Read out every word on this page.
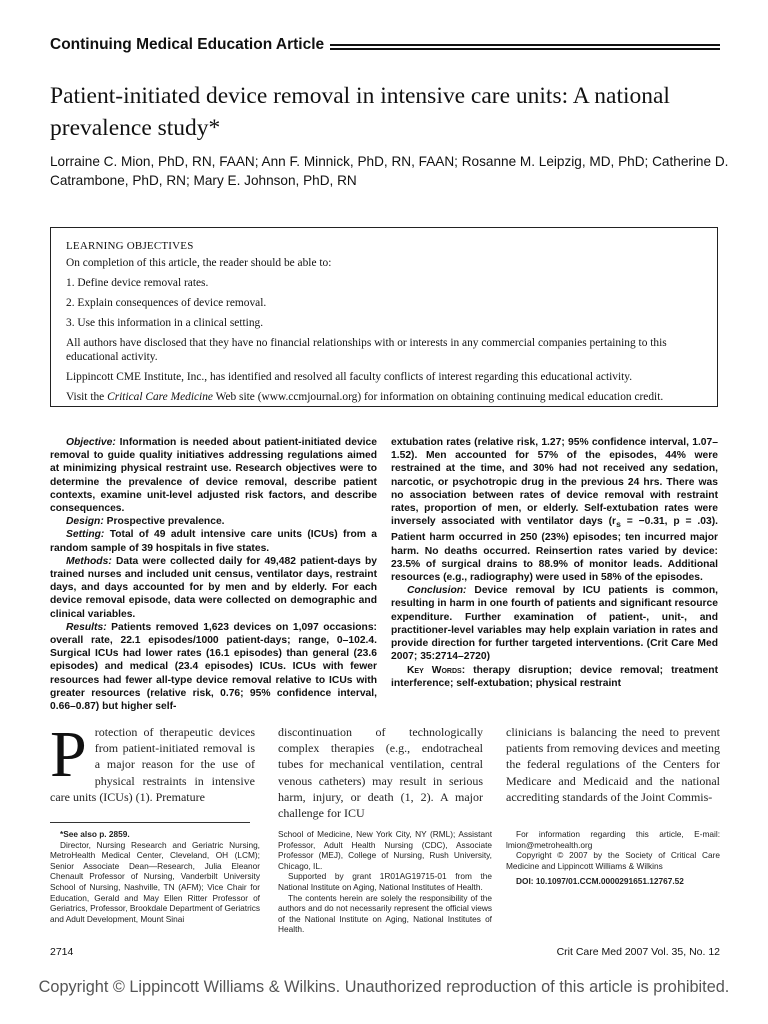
Continuing Medical Education Article
Patient-initiated device removal in intensive care units: A national prevalence study*

Lorraine C. Mion, PhD, RN, FAAN; Ann F. Minnick, PhD, RN, FAAN; Rosanne M. Leipzig, MD, PhD; Catherine D. Catrambone, PhD, RN; Mary E. Johnson, PhD, RN

LEARNING OBJECTIVES

On completion of this article, the reader should be able to:

1. Define device removal rates.

2. Explain consequences of device removal.

3. Use this information in a clinical setting.

All authors have disclosed that they have no financial relationships with or interests in any commercial companies pertaining to this educational activity.

Lippincott CME Institute, Inc., has identified and resolved all faculty conflicts of interest regarding this educational activity.

Visit the Critical Care Medicine Web site (www.ccmjournal.org) for information on obtaining continuing medical education credit.

Objective: Information is needed about patient-initiated device removal to guide quality initiatives addressing regulations aimed at minimizing physical restraint use. Research objectives were to determine the prevalence of device removal, describe patient contexts, examine unit-level adjusted risk factors, and describe consequences.

Design: Prospective prevalence.

Setting: Total of 49 adult intensive care units (ICUs) from a random sample of 39 hospitals in five states.

Methods: Data were collected daily for 49,482 patient-days by trained nurses and included unit census, ventilator days, restraint days, and days accounted for by men and by elderly. For each device removal episode, data were collected on demographic and clinical variables.

Results: Patients removed 1,623 devices on 1,097 occasions: overall rate, 22.1 episodes/1000 patient-days; range, 0–102.4. Surgical ICUs had lower rates (16.1 episodes) than general (23.6 episodes) and medical (23.4 episodes) ICUs. ICUs with fewer resources had fewer all-type device removal relative to ICUs with greater resources (relative risk, 0.76; 95% confidence interval, 0.66–0.87) but higher self-

extubation rates (relative risk, 1.27; 95% confidence interval, 1.07–1.52). Men accounted for 57% of the episodes, 44% were restrained at the time, and 30% had not received any sedation, narcotic, or psychotropic drug in the previous 24 hrs. There was no association between rates of device removal with restraint rates, proportion of men, or elderly. Self-extubation rates were inversely associated with ventilator days ($r_s = -0.31$, p = .03). Patient harm occurred in 250 (23%) episodes; ten incurred major harm. No deaths occurred. Reinsertion rates varied by device: 23.5% of surgical drains to 88.9% of monitor leads. Additional resources (e.g., radiography) were used in 58% of the episodes.

Conclusion: Device removal by ICU patients is common, resulting in harm in one fourth of patients and significant resource expenditure. Further examination of patient-, unit-, and practitioner-level variables may help explain variation in rates and provide direction for further targeted interventions. (Crit Care Med 2007; 35:2714–2720)

Key Words: therapy disruption; device removal; treatment interference; self-extubation; physical restraint

Protection of therapeutic devices from patient-initiated removal is a major reason for the use of physical restraints in intensive care units (ICUs) (1). Premature
discontinuation of technologically complex therapies (e.g., endotracheal tubes for mechanical ventilation, central venous catheters) may result in serious harm, injury, or death (1, 2). A major challenge for ICU
clinicians is balancing the need to prevent patients from removing devices and meeting the federal regulations of the Centers for Medicare and Medicaid and the national accrediting standards of the Joint Commis-

*See also p. 2859.

Director, Nursing Research and Geriatric Nursing, MetroHealth Medical Center, Cleveland, OH (LCM); Senior Associate Dean—Research, Julia Eleanor Chenault Professor of Nursing, Vanderbilt University School of Nursing, Nashville, TN (AFM); Vice Chair for Education, Gerald and May Ellen Ritter Professor of Geriatrics, Professor, Brookdale Department of Geriatrics and Adult Development, Mount Sinai

School of Medicine, New York City, NY (RML); Assistant Professor, Adult Health Nursing (CDC), Associate Professor (MEJ), College of Nursing, Rush University, Chicago, IL.

Supported by grant 1R01AG19715-01 from the National Institute on Aging, National Institutes of Health.

The contents herein are solely the responsibility of the authors and do not necessarily represent the official views of the National Institute on Aging, National Institutes of Health.

For information regarding this article, E-mail: lmion@metrohealth.org

Copyright © 2007 by the Society of Critical Care Medicine and Lippincott Williams & Wilkins

DOI: 10.1097/01.CCM.0000291651.12767.52

2714	Crit Care Med 2007 Vol. 35, No. 12
Copyright © Lippincott Williams & Wilkins. Unauthorized reproduction of this article is prohibited.
